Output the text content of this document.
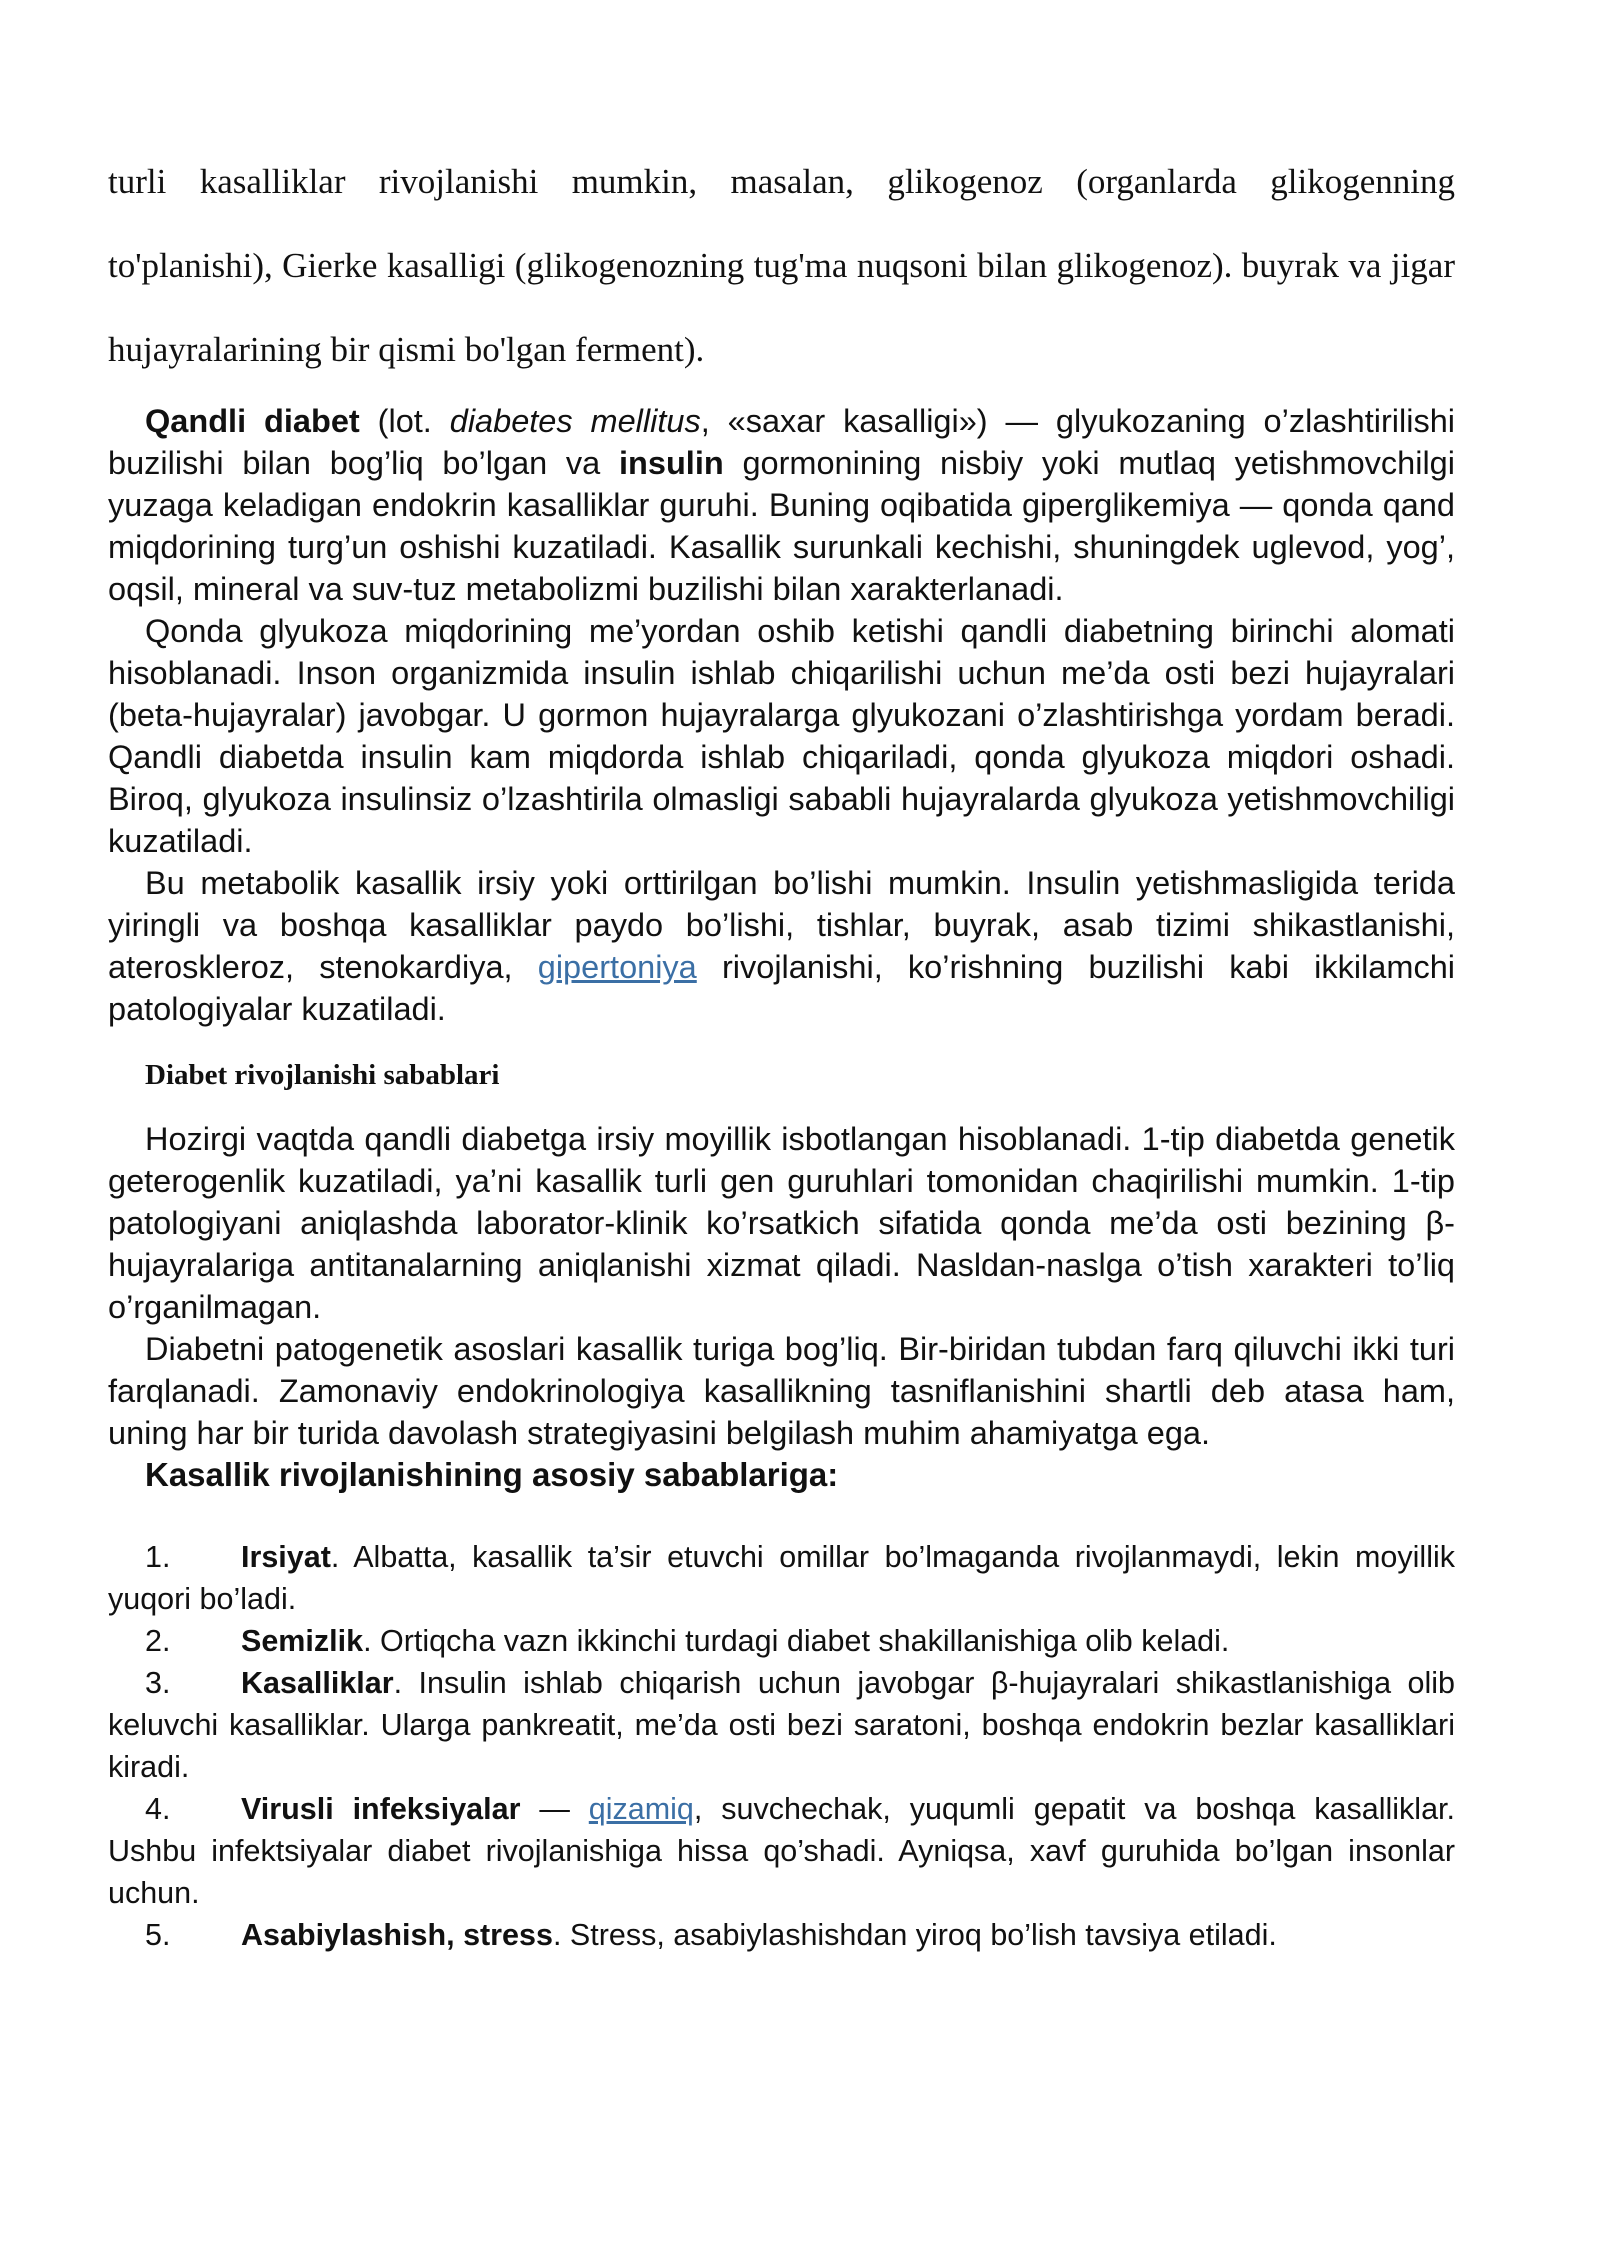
turli kasalliklar rivojlanishi mumkin, masalan, glikogenoz (organlarda glikogenning to'planishi), Gierke kasalligi (glikogenozning tug'ma nuqsoni bilan glikogenoz). buyrak va jigar hujayralarining bir qismi bo'lgan ferment).

Qandli diabet (lot. diabetes mellitus, «saxar kasalligi») — glyukozaning o’zlashtirilishi buzilishi bilan bog’liq bo’lgan va insulin gormonining nisbiy yoki mutlaq yetishmovchilgi yuzaga keladigan endokrin kasalliklar guruhi. Buning oqibatida giperglikemiya — qonda qand miqdorining turg’un oshishi kuzatiladi. Kasallik surunkali kechishi, shuningdek uglevod, yog’, oqsil, mineral va suv-tuz metabolizmi buzilishi bilan xarakterlanadi.

Qonda glyukoza miqdorining me’yordan oshib ketishi qandli diabetning birinchi alomati hisoblanadi. Inson organizmida insulin ishlab chiqarilishi uchun me’da osti bezi hujayralari (beta-hujayralar) javobgar. U gormon hujayralarga glyukozani o’zlashtirishga yordam beradi. Qandli diabetda insulin kam miqdorda ishlab chiqariladi, qonda glyukoza miqdori oshadi. Biroq, glyukoza insulinsiz o’lzashtirila olmasligi sababli hujayralarda glyukoza yetishmovchiligi kuzatiladi.

Bu metabolik kasallik irsiy yoki orttirilgan bo’lishi mumkin. Insulin yetishmasligida terida yiringli va boshqa kasalliklar paydo bo’lishi, tishlar, buyrak, asab tizimi shikastlanishi, ateroskleroz, stenokardiya, gipertoniya rivojlanishi, ko’rishning buzilishi kabi ikkilamchi patologiyalar kuzatiladi.

Diabet rivojlanishi sabablari

Hozirgi vaqtda qandli diabetga irsiy moyillik isbotlangan hisoblanadi. 1-tip diabetda genetik geterogenlik kuzatiladi, ya’ni kasallik turli gen guruhlari tomonidan chaqirilishi mumkin. 1-tip patologiyani aniqlashda laborator-klinik ko’rsatkich sifatida qonda me’da osti bezining β-hujayralariga antitanalarning aniqlanishi xizmat qiladi. Nasldan-naslga o’tish xarakteri to’liq o’rganilmagan.

Diabetni patogenetik asoslari kasallik turiga bog’liq. Bir-biridan tubdan farq qiluvchi ikki turi farqlanadi. Zamonaviy endokrinologiya kasallikning tasniflanishini shartli deb atasa ham, uning har bir turida davolash strategiyasini belgilash muhim ahamiyatga ega.

Kasallik rivojlanishining asosiy sabablariga:

1. Irsiyat. Albatta, kasallik ta’sir etuvchi omillar bo’lmaganda rivojlanmaydi, lekin moyillik yuqori bo’ladi.

2. Semizlik. Ortiqcha vazn ikkinchi turdagi diabet shakillanishiga olib keladi.

3. Kasalliklar. Insulin ishlab chiqarish uchun javobgar β-hujayralari shikastlanishiga olib keluvchi kasalliklar. Ularga pankreatit, me’da osti bezi saratoni, boshqa endokrin bezlar kasalliklari kiradi.

4. Virusli infeksiyalar — qizamiq, suvchechak, yuqumli gepatit va boshqa kasalliklar. Ushbu infektsiyalar diabet rivojlanishiga hissa qo’shadi. Ayniqsa, xavf guruhida bo’lgan insonlar uchun.

5. Asabiylashish, stress. Stress, asabiylashishdan yiroq bo’lish tavsiya etiladi.
